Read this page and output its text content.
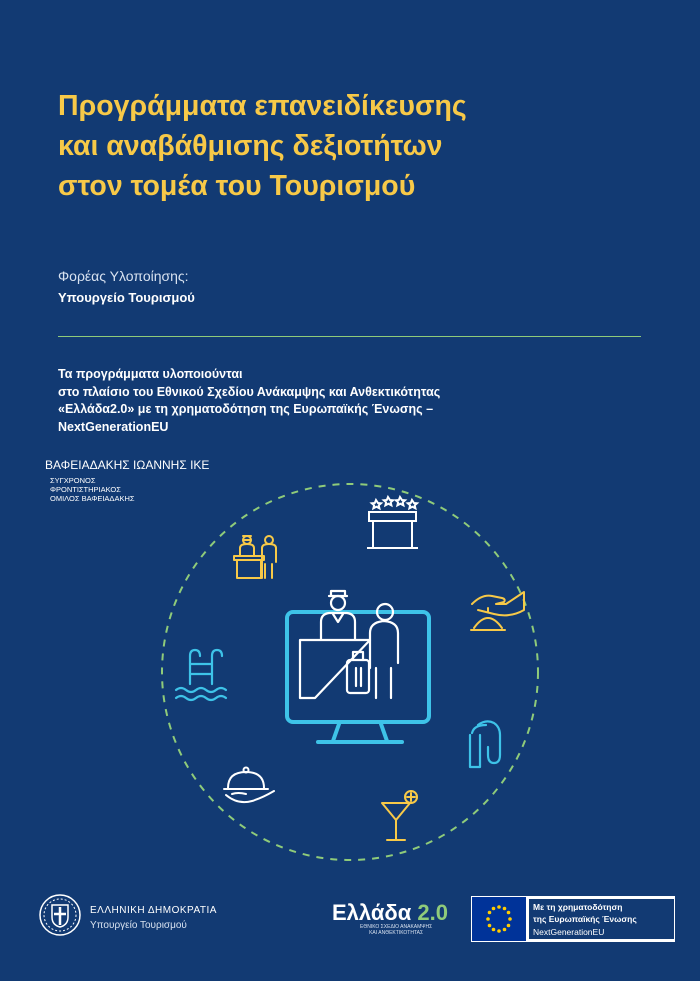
Προγράμματα επανειδίκευσης
και αναβάθμισης δεξιοτήτων
στον τομέα του Τουρισμού
Φορέας Υλοποίησης:
Υπουργείο Τουρισμού
Τα προγράμματα υλοποιούνται
στο πλαίσιο του Εθνικού Σχεδίου Ανάκαμψης και Ανθεκτικότητας
«Ελλάδα2.0» με τη χρηματοδότηση της Ευρωπαϊκής Ένωσης –
NextGenerationEU
ΒΑΦΕΙΑΔΑΚΗΣ ΙΩΑΝΝΗΣ ΙΚΕ
ΣΥΓΧΡΟΝΟΣ
ΦΡΟΝΤΙΣΤΗΡΙΑΚΟΣ
ΟΜΙΛΟΣ ΒΑΦΕΙΑΔΑΚΗΣ
ΕΛΛΗΝΙΚΗ ΔΗΜΟΚΡΑΤΙΑ
Υπουργείο Τουρισμού
Ελλάδα 2.0
ΕΘΝΙΚΟ ΣΧΕΔΙΟ ΑΝΑΚΑΜΨΗΣ
ΚΑΙ ΑΝΘΕΚΤΙΚΟΤΗΤΑΣ
Με τη χρηματοδότηση
της Ευρωπαϊκής Ένωσης
NextGenerationEU
